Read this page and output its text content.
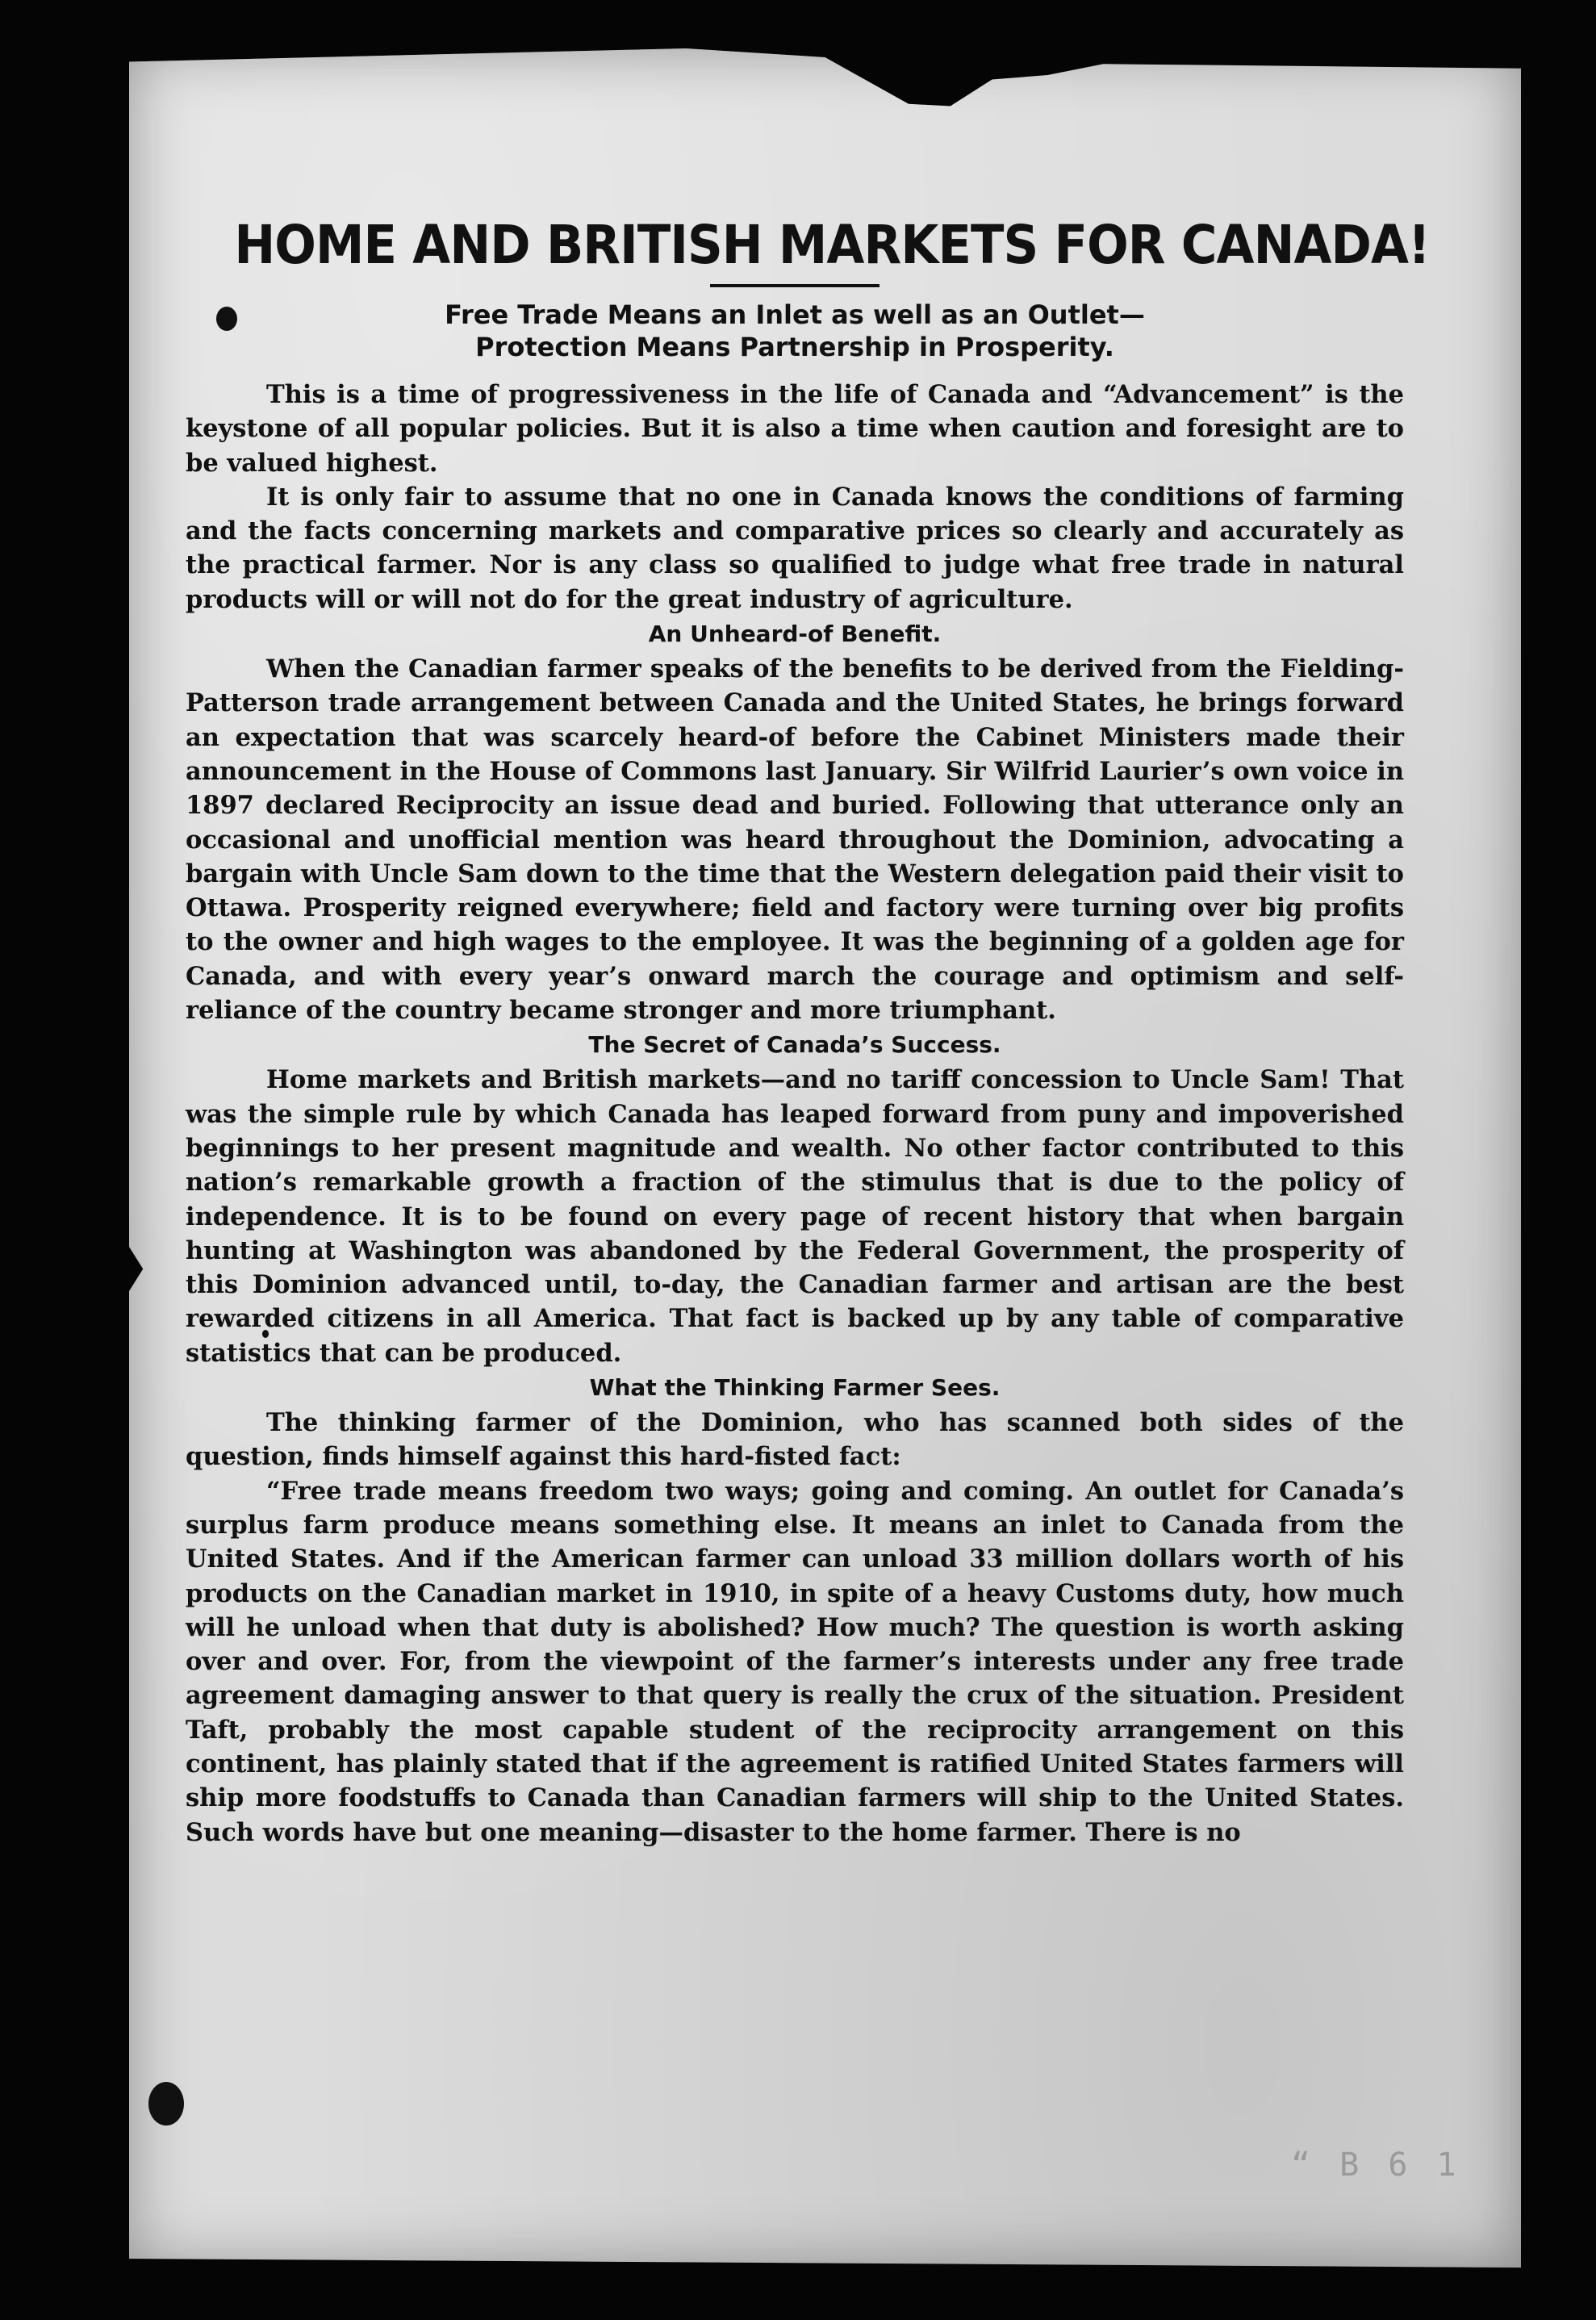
HOME AND BRITISH MARKETS FOR CANADA!
Free Trade Means an Inlet as well as an Outlet—
Protection Means Partnership in Prosperity.

This is a time of progressiveness in the life of Canada and “Advancement” is the keystone of all popular policies. But it is also a time when caution and foresight are to be valued highest.

It is only fair to assume that no one in Canada knows the conditions of farming and the facts concerning markets and comparative prices so clearly and accurately as the practical farmer. Nor is any class so qualified to judge what free trade in natural products will or will not do for the great industry of agriculture.

An Unheard-of Benefit.

When the Canadian farmer speaks of the benefits to be derived from the Fielding-Patterson trade arrangement between Canada and the United States, he brings forward an expectation that was scarcely heard-of before the Cabinet Ministers made their announcement in the House of Commons last January. Sir Wilfrid Laurier’s own voice in 1897 declared Reciprocity an issue dead and buried. Following that utterance only an occasional and unofficial mention was heard throughout the Dominion, advocating a bargain with Uncle Sam down to the time that the Western delegation paid their visit to Ottawa. Prosperity reigned everywhere; field and factory were turning over big profits to the owner and high wages to the employee. It was the beginning of a golden age for Canada, and with every year’s onward march the courage and optimism and self-reliance of the country became stronger and more triumphant.

The Secret of Canada’s Success.

Home markets and British markets—and no tariff concession to Uncle Sam! That was the simple rule by which Canada has leaped forward from puny and impoverished beginnings to her present magnitude and wealth. No other factor contributed to this nation’s remarkable growth a fraction of the stimulus that is due to the policy of independence. It is to be found on every page of recent history that when bargain hunting at Washington was abandoned by the Federal Government, the prosperity of this Dominion advanced until, to-day, the Canadian farmer and artisan are the best rewarded citizens in all America. That fact is backed up by any table of comparative statistics that can be produced.

What the Thinking Farmer Sees.

The thinking farmer of the Dominion, who has scanned both sides of the question, finds himself against this hard-fisted fact:

“Free trade means freedom two ways; going and coming. An outlet for Canada’s surplus farm produce means something else. It means an inlet to Canada from the United States. And if the American farmer can unload 33 million dollars worth of his products on the Canadian market in 1910, in spite of a heavy Customs duty, how much will he unload when that duty is abolished? How much? The question is worth asking over and over. For, from the viewpoint of the farmer’s interests under any free trade agreement damaging answer to that query is really the crux of the situation. President Taft, probably the most capable student of the reciprocity arrangement on this continent, has plainly stated that if the agreement is ratified United States farmers will ship more foodstuffs to Canada than Canadian farmers will ship to the United States. Such words have but one meaning—disaster to the home farmer. There is no

“ B 6 1
